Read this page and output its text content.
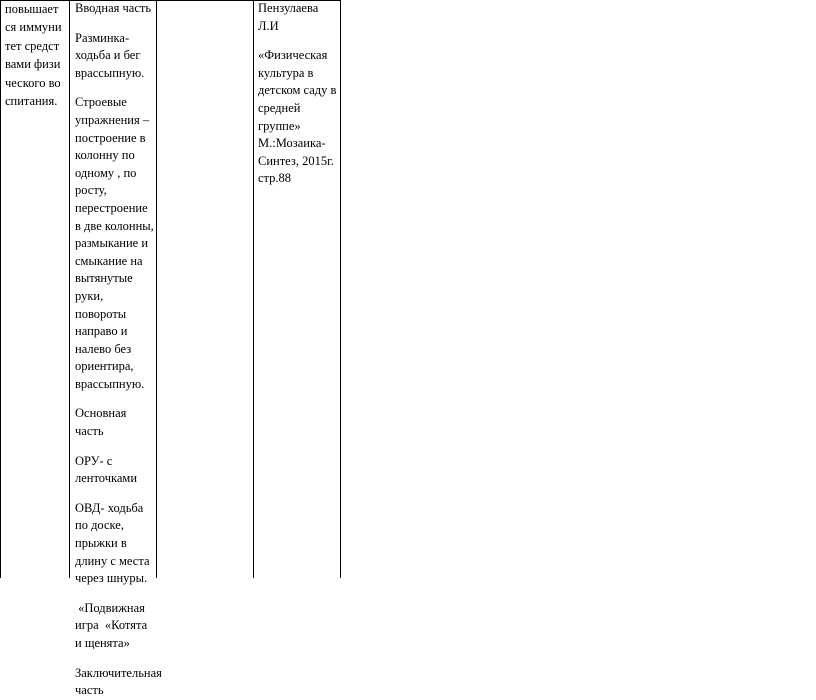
повышается иммунитет средствами физического воспитания.

Вводная часть

Разминка- ходьба и бег врассыпную.

Строевые упражнения – построение в колонну по одному , по росту, перестроение в две колонны, размыкание и смыкание на вытянутые руки, повороты направо и налево без ориентира, врассыпную.

Основная часть

ОРУ- с ленточками

ОВД- ходьба по доске, прыжки в длину с места через шнуры.

«Подвижная игра  «Котята и щенята»

Заключительная часть

Пензулаева Л.И

«Физическая культура в детском саду в средней группе» М.:Мозаика-Синтез, 2015г. стр.88
